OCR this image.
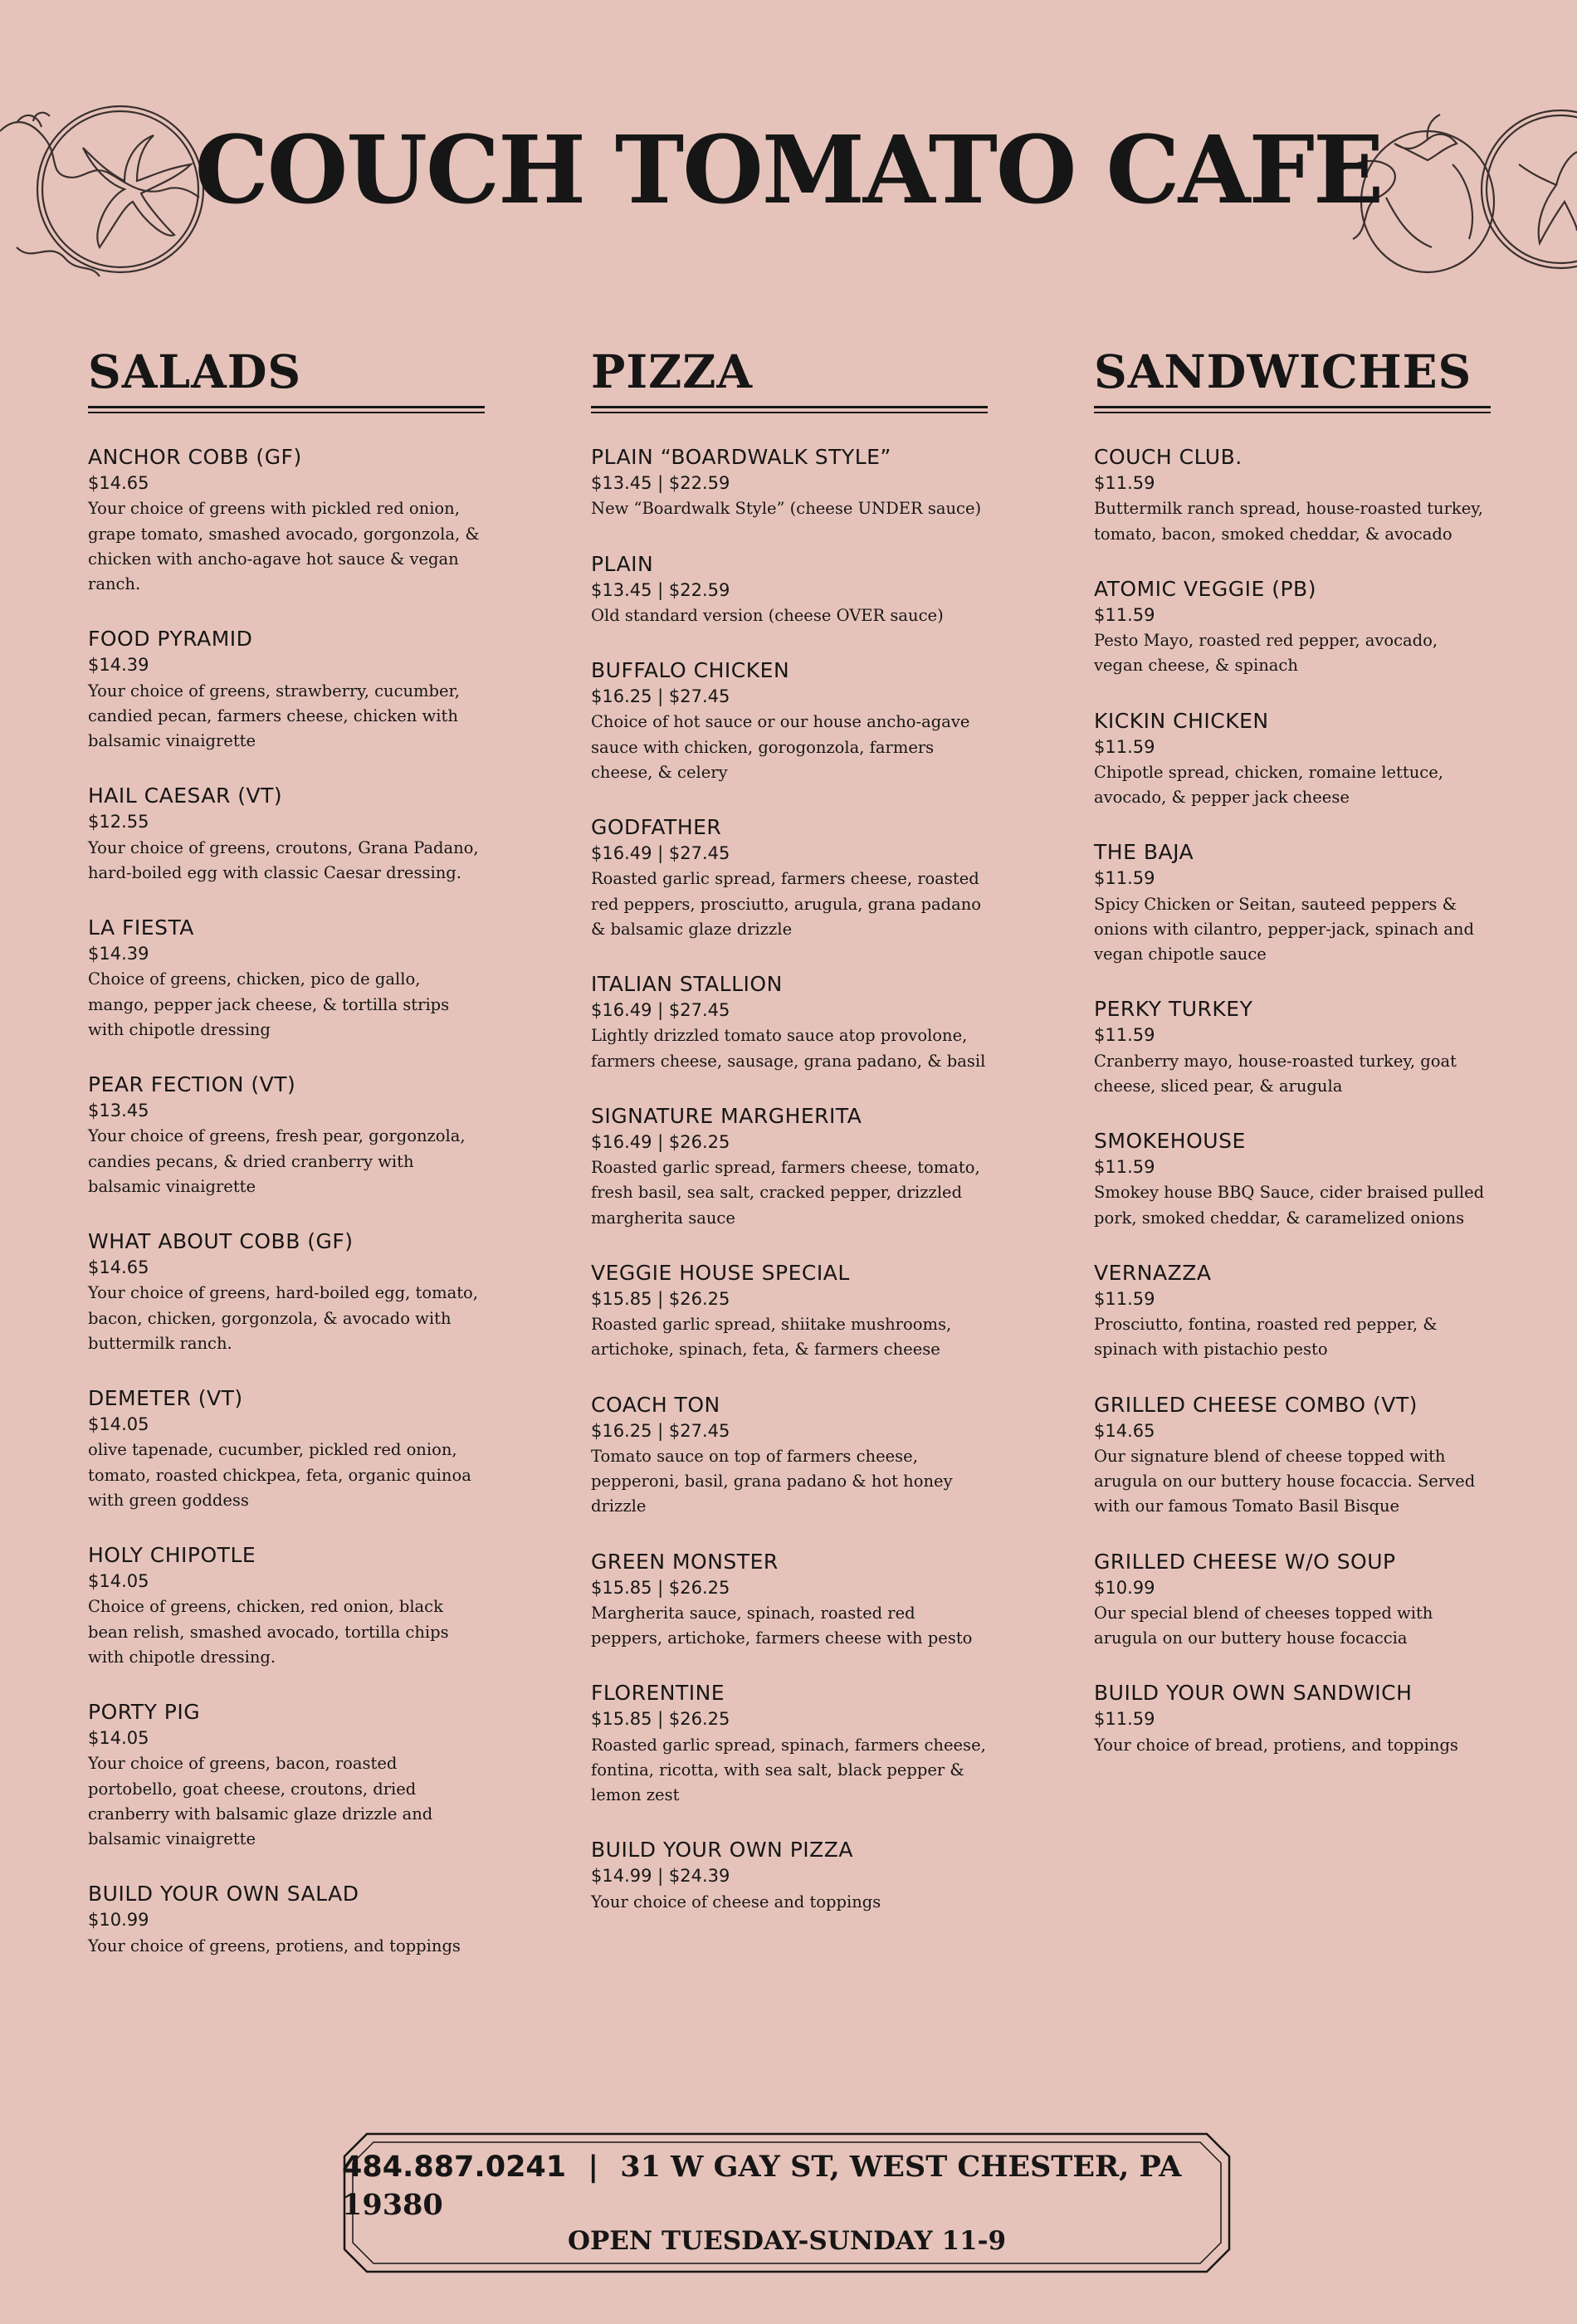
COUCH TOMATO CAFE
SALADS

ANCHOR COBB (GF)

$14.65

Your choice of greens with pickled red onion, grape tomato, smashed avocado, gorgonzola, & chicken with ancho-agave hot sauce & vegan ranch.

FOOD PYRAMID

$14.39

Your choice of greens, strawberry, cucumber, candied pecan, farmers cheese, chicken with balsamic vinaigrette

HAIL CAESAR (VT)

$12.55

Your choice of greens, croutons, Grana Padano, hard-boiled egg with classic Caesar dressing.

LA FIESTA

$14.39

Choice of greens, chicken, pico de gallo, mango, pepper jack cheese, & tortilla strips with chipotle dressing

PEAR FECTION (VT)

$13.45

Your choice of greens, fresh pear, gorgonzola, candies pecans, & dried cranberry with balsamic vinaigrette

WHAT ABOUT COBB (GF)

$14.65

Your choice of greens, hard-boiled egg, tomato, bacon, chicken, gorgonzola, & avocado with buttermilk ranch.

DEMETER (VT)

$14.05

olive tapenade, cucumber, pickled red onion, tomato, roasted chickpea, feta, organic quinoa with green goddess

HOLY CHIPOTLE

$14.05

Choice of greens, chicken, red onion, black bean relish, smashed avocado, tortilla chips with chipotle dressing.

PORTY PIG

$14.05

Your choice of greens, bacon, roasted portobello, goat cheese, croutons, dried cranberry with balsamic glaze drizzle and balsamic vinaigrette

BUILD YOUR OWN SALAD

$10.99

Your choice of greens, protiens, and toppings

PIZZA

PLAIN “BOARDWALK STYLE”

$13.45 | $22.59

New “Boardwalk Style” (cheese UNDER sauce)

PLAIN

$13.45 | $22.59

Old standard version (cheese OVER sauce)

BUFFALO CHICKEN

$16.25 | $27.45

Choice of hot sauce or our house ancho-agave sauce with chicken, gorogonzola, farmers cheese, & celery

GODFATHER

$16.49 | $27.45

Roasted garlic spread, farmers cheese, roasted red peppers, prosciutto, arugula, grana padano & balsamic glaze drizzle

ITALIAN STALLION

$16.49 | $27.45

Lightly drizzled tomato sauce atop provolone, farmers cheese, sausage, grana padano, & basil

SIGNATURE MARGHERITA

$16.49 | $26.25

Roasted garlic spread, farmers cheese, tomato, fresh basil, sea salt, cracked pepper, drizzled margherita sauce

VEGGIE HOUSE SPECIAL

$15.85 | $26.25

Roasted garlic spread, shiitake mushrooms, artichoke, spinach, feta, & farmers cheese

COACH TON

$16.25 | $27.45

Tomato sauce on top of farmers cheese, pepperoni, basil, grana padano & hot honey drizzle

GREEN MONSTER

$15.85 | $26.25

Margherita sauce, spinach, roasted red peppers, artichoke, farmers cheese with pesto

FLORENTINE

$15.85 | $26.25

Roasted garlic spread, spinach, farmers cheese, fontina, ricotta, with sea salt, black pepper & lemon zest

BUILD YOUR OWN PIZZA

$14.99 | $24.39

Your choice of cheese and toppings

SANDWICHES

COUCH CLUB.

$11.59

Buttermilk ranch spread, house-roasted turkey, tomato, bacon, smoked cheddar, & avocado

ATOMIC VEGGIE (PB)

$11.59

Pesto Mayo, roasted red pepper, avocado, vegan cheese, & spinach

KICKIN CHICKEN

$11.59

Chipotle spread, chicken, romaine lettuce, avocado, & pepper jack cheese

THE BAJA

$11.59

Spicy Chicken or Seitan, sauteed peppers & onions with cilantro, pepper-jack, spinach and vegan chipotle sauce

PERKY TURKEY

$11.59

Cranberry mayo, house-roasted turkey, goat cheese, sliced pear, & arugula

SMOKEHOUSE

$11.59

Smokey house BBQ Sauce, cider braised pulled pork, smoked cheddar, & caramelized onions

VERNAZZA

$11.59

Prosciutto, fontina, roasted red pepper, & spinach with pistachio pesto

GRILLED CHEESE COMBO (VT)

$14.65

Our signature blend of cheese topped with arugula on our buttery house focaccia. Served with our famous Tomato Basil Bisque

GRILLED CHEESE W/O SOUP

$10.99

Our special blend of cheeses topped with arugula on our buttery house focaccia

BUILD YOUR OWN SANDWICH

$11.59

Your choice of bread, protiens, and toppings

484.887.0241 | 31 W GAY ST, WEST CHESTER, PA 19380
OPEN TUESDAY-SUNDAY 11-9
